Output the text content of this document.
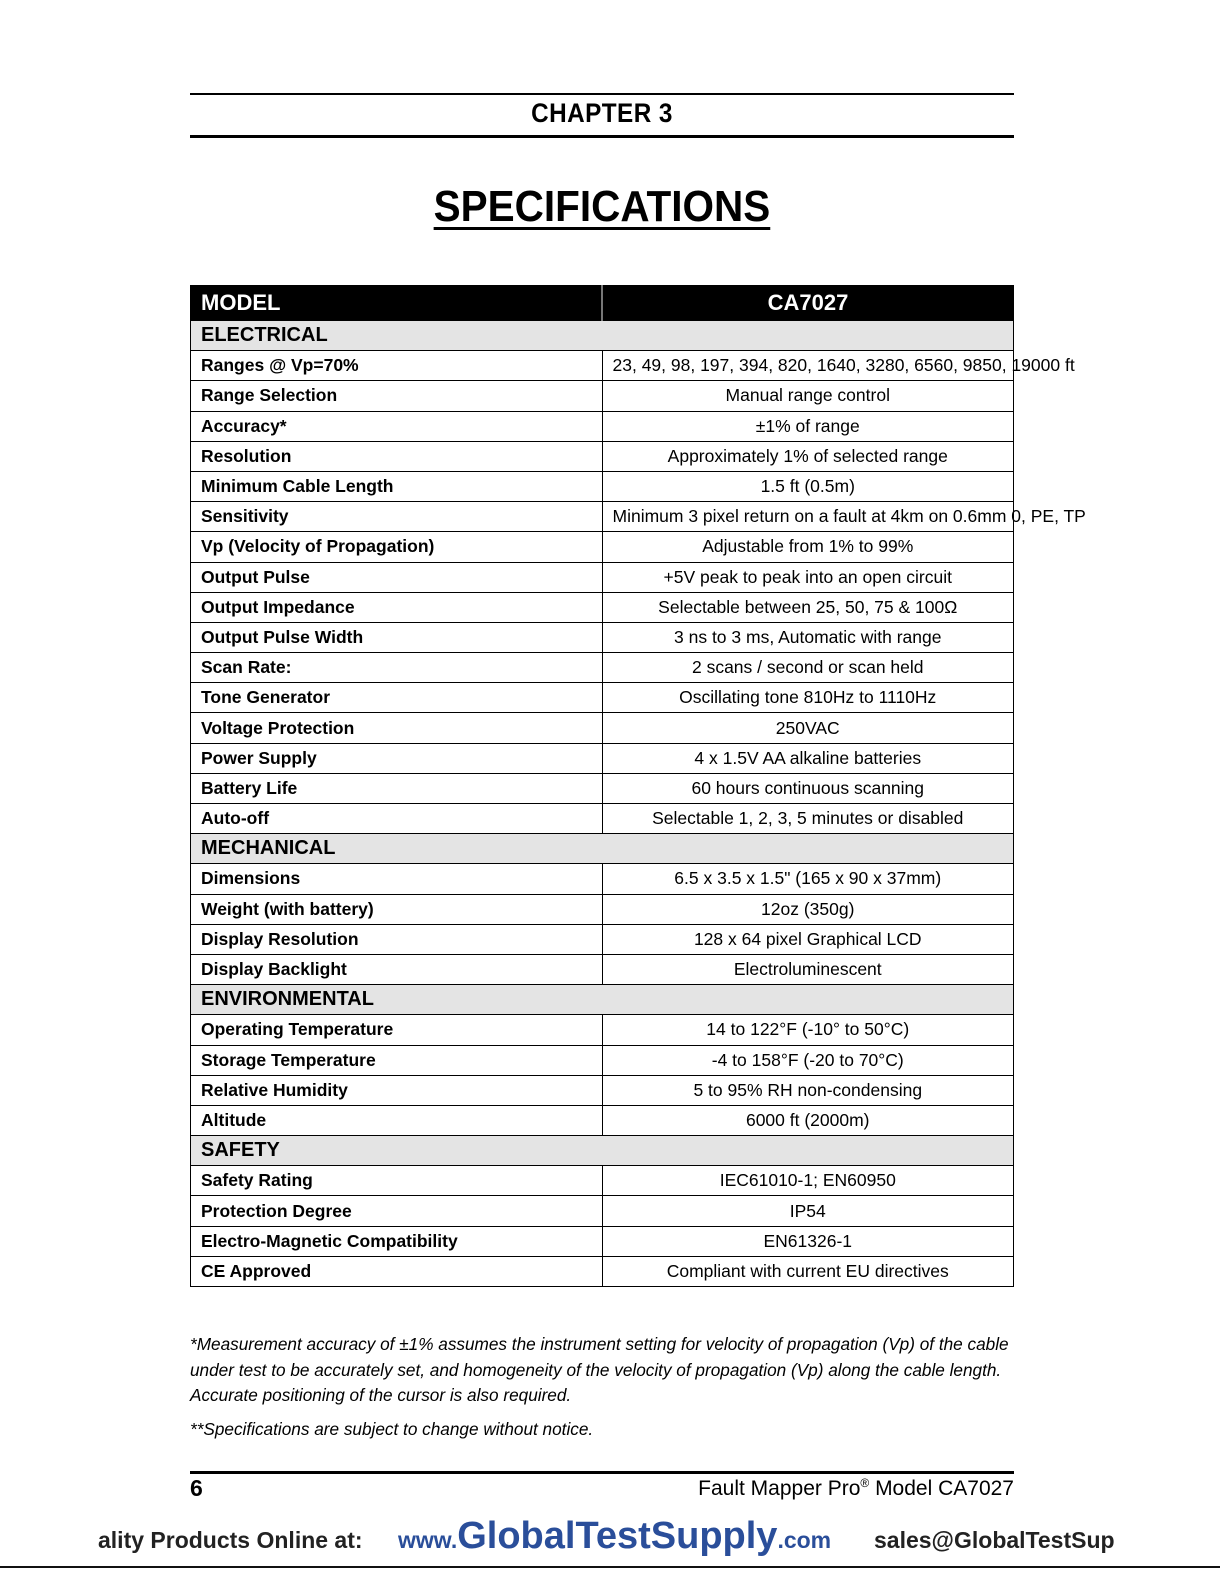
CHAPTER 3
SPECIFICATIONS
MODEL	CA7027
ELECTRICAL	
Ranges @ Vp=70%	23, 49, 98, 197, 394, 820, 1640, 3280, 6560, 9850, 19000 ft
Range Selection	Manual range control
Accuracy*	±1% of range
Resolution	Approximately 1% of selected range
Minimum Cable Length	1.5 ft (0.5m)
Sensitivity	Minimum 3 pixel return on a fault at 4km on 0.6mm 0, PE, TP
Vp (Velocity of Propagation)	Adjustable from 1% to 99%
Output Pulse	+5V peak to peak into an open circuit
Output Impedance	Selectable between 25, 50, 75 & 100Ω
Output Pulse Width	3 ns to 3 ms, Automatic with range
Scan Rate:	2 scans / second or scan held
Tone Generator	Oscillating tone 810Hz to 1110Hz
Voltage Protection	250VAC
Power Supply	4 x 1.5V AA alkaline batteries
Battery Life	60 hours continuous scanning
Auto-off	Selectable 1, 2, 3, 5 minutes or disabled
MECHANICAL	
Dimensions	6.5 x 3.5 x 1.5" (165 x 90 x 37mm)
Weight (with battery)	12oz (350g)
Display Resolution	128 x 64 pixel Graphical LCD
Display Backlight	Electroluminescent
ENVIRONMENTAL	
Operating Temperature	14 to 122°F (-10° to 50°C)
Storage Temperature	-4 to 158°F (-20 to 70°C)
Relative Humidity	5 to 95% RH non-condensing
Altitude	6000 ft (2000m)
SAFETY	
Safety Rating	IEC61010-1; EN60950
Protection Degree	IP54
Electro-Magnetic Compatibility	EN61326-1
CE Approved	Compliant with current EU directives

*Measurement accuracy of ±1% assumes the instrument setting for velocity of propagation (Vp) of the cable under test to be accurately set, and homogeneity of the velocity of propagation (Vp) along the cable length. Accurate positioning of the cursor is also required.

**Specifications are subject to change without notice.

6	Fault Mapper Pro® Model CA7027
ality Products Online at: www.GlobalTestSupply.com sales@GlobalTestSup
